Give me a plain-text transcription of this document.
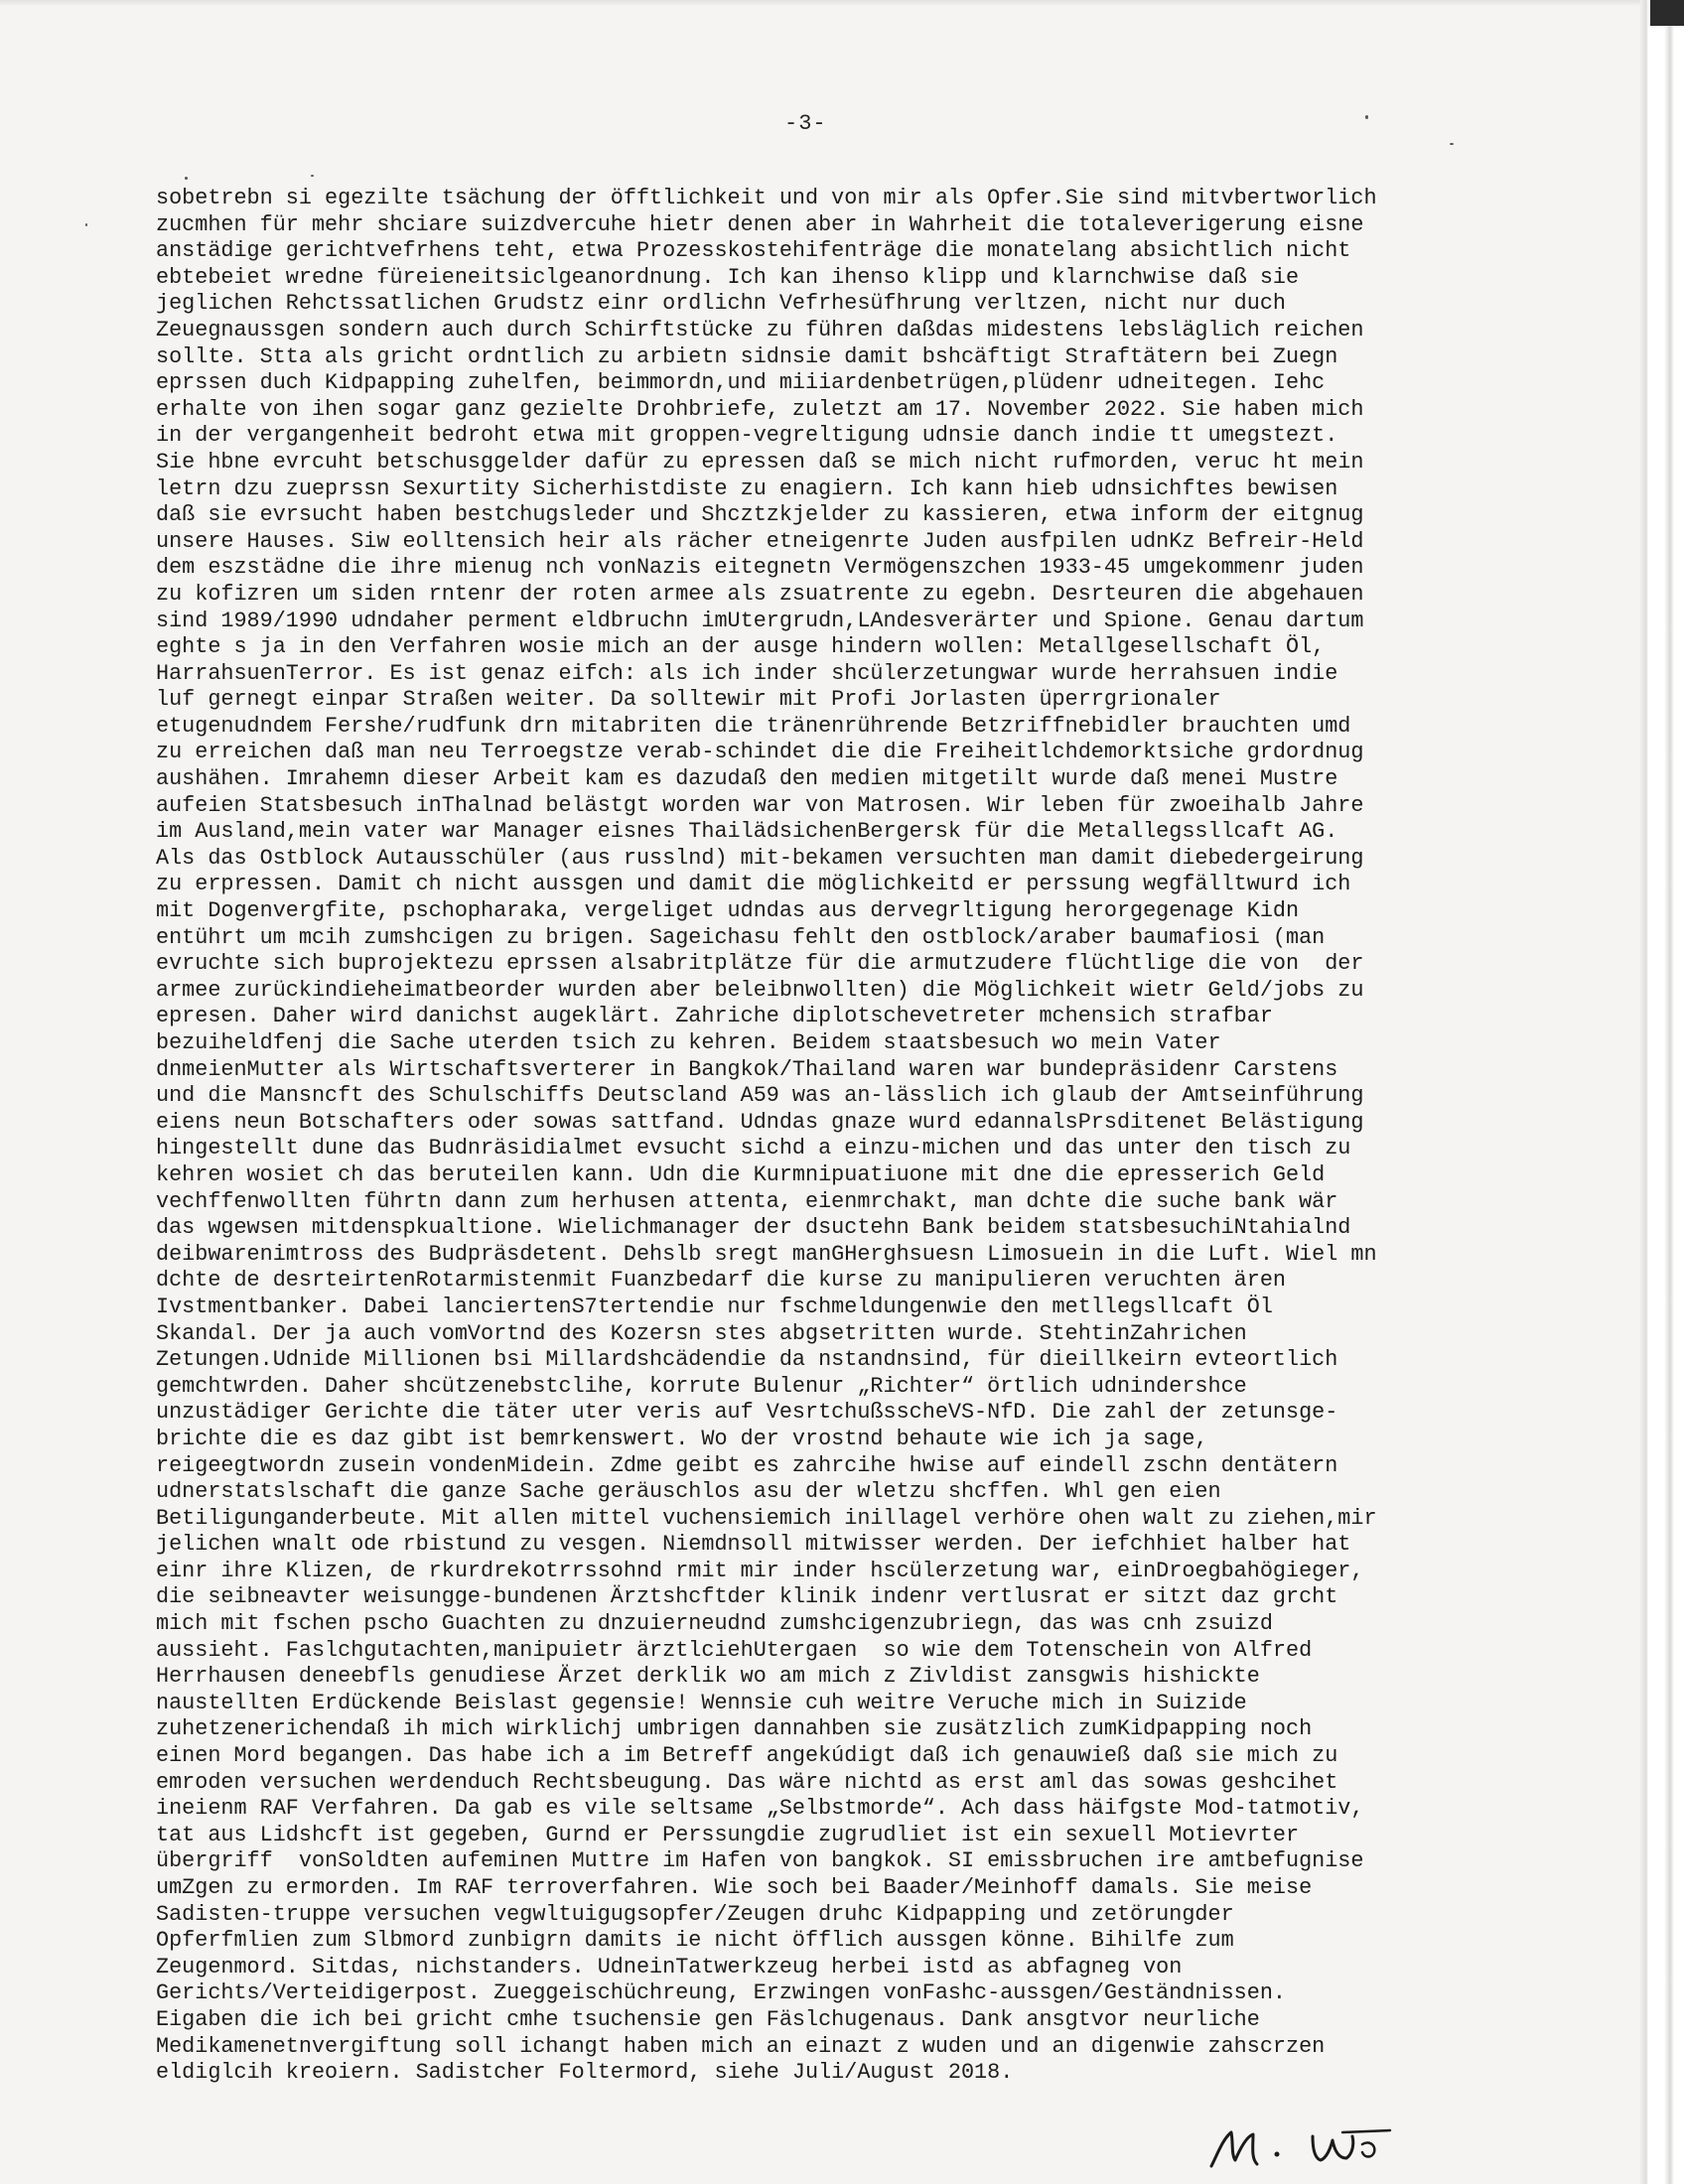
-3-
sobetrebn si egezilte tsächung der öfftlichkeit und von mir als Opfer.Sie sind mitvbertworlich
zucmhen für mehr shciare suizdvercuhe hietr denen aber in Wahrheit die totaleverigerung eisne
anstädige gerichtvefrhens teht, etwa Prozesskostehifenträge die monatelang absichtlich nicht
ebtebeiet wredne füreieneitsiclgeanordnung. Ich kan ihenso klipp und klarnchwise daß sie
jeglichen Rehctssatlichen Grudstz einr ordlichn Vefrhesüfhrung verltzen, nicht nur duch
Zeuegnaussgen sondern auch durch Schirftstücke zu führen daßdas midestens lebsläglich reichen
sollte. Stta als gricht ordntlich zu arbietn sidnsie damit bshcäftigt Straftätern bei Zuegn
eprssen duch Kidpapping zuhelfen, beimmordn,und miiiardenbetrügen,plüdenr udneitegen. Iehc
erhalte von ihen sogar ganz gezielte Drohbriefe, zuletzt am 17. November 2022. Sie haben mich
in der vergangenheit bedroht etwa mit groppen-vegreltigung udnsie danch indie tt umegstezt.
Sie hbne evrcuht betschusggelder dafür zu epressen daß se mich nicht rufmorden, veruc ht mein
letrn dzu zueprssn Sexurtity Sicherhistdiste zu enagiern. Ich kann hieb udnsichftes bewisen
daß sie evrsucht haben bestchugsleder und Shcztzkjelder zu kassieren, etwa inform der eitgnug
unsere Hauses. Siw eolltensich heir als rächer etneigenrte Juden ausfpilen udnKz Befreir-Held
dem eszstädne die ihre mienug nch vonNazis eitegnetn Vermögenszchen 1933-45 umgekommenr juden
zu kofizren um siden rntenr der roten armee als zsuatrente zu egebn. Desrteuren die abgehauen
sind 1989/1990 udndaher perment eldbruchn imUtergrudn,LAndesverärter und Spione. Genau dartum
eghte s ja in den Verfahren wosie mich an der ausge hindern wollen: Metallgesellschaft Öl,
HarrahsuenTerror. Es ist genaz eifch: als ich inder shcülerzetungwar wurde herrahsuen indie
luf gernegt einpar Straßen weiter. Da solltewir mit Profi Jorlasten üperrgrionaler
etugenudndem Fershe/rudfunk drn mitabriten die tränenrührende Betzriffnebidler brauchten umd
zu erreichen daß man neu Terroegstze verab-schindet die die Freiheitlchdemorktsiche grdordnug
aushähen. Imrahemn dieser Arbeit kam es dazudaß den medien mitgetilt wurde daß menei Mustre
aufeien Statsbesuch inThalnad belästgt worden war von Matrosen. Wir leben für zwoeihalb Jahre
im Ausland,mein vater war Manager eisnes ThailädsichenBergersk für die Metallegssllcaft AG.
Als das Ostblock Autausschüler (aus russlnd) mit-bekamen versuchten man damit diebedergeirung
zu erpressen. Damit ch nicht aussgen und damit die möglichkeitd er perssung wegfälltwurd ich
mit Dogenvergfite, pschopharaka, vergeliget udndas aus dervegrltigung herorgegenage Kidn
entührt um mcih zumshcigen zu brigen. Sageichasu fehlt den ostblock/araber baumafiosi (man
evruchte sich buprojektezu eprssen alsabritplätze für die armutzudere flüchtlige die von  der
armee zurückindieheimatbeorder wurden aber beleibnwollten) die Möglichkeit wietr Geld/jobs zu
epresen. Daher wird danichst augeklärt. Zahriche diplotschevetreter mchensich strafbar
bezuiheldfenj die Sache uterden tsich zu kehren. Beidem staatsbesuch wo mein Vater
dnmeienMutter als Wirtschaftsverterer in Bangkok/Thailand waren war bundepräsidenr Carstens
und die Mansncft des Schulschiffs Deutscland A59 was an-lässlich ich glaub der Amtseinführung
eiens neun Botschafters oder sowas sattfand. Udndas gnaze wurd edannalsPrsditenet Belästigung
hingestellt dune das Budnräsidialmet evsucht sichd a einzu-michen und das unter den tisch zu
kehren wosiet ch das beruteilen kann. Udn die Kurmnipuatiuone mit dne die epresserich Geld
vechffenwollten führtn dann zum herhusen attenta, eienmrchakt, man dchte die suche bank wär
das wgewsen mitdenspkualtione. Wielichmanager der dsuctehn Bank beidem statsbesuchiNtahialnd
deibwarenimtross des Budpräsdetent. Dehslb sregt manGHerghsuesn Limosuein in die Luft. Wiel mn
dchte de desrteirtenRotarmistenmit Fuanzbedarf die kurse zu manipulieren veruchten ären
Ivstmentbanker. Dabei lanciertenS7tertendie nur fschmeldungenwie den metllegsllcaft Öl
Skandal. Der ja auch vomVortnd des Kozersn stes abgsetritten wurde. StehtinZahrichen
Zetungen.Udnide Millionen bsi Millardshcädendie da nstandnsind, für dieillkeirn evteortlich
gemchtwrden. Daher shcützenebstclihe, korrute Bulenur „Richter“ örtlich udnindershce
unzustädiger Gerichte die täter uter veris auf VesrtchußsscheVS-NfD. Die zahl der zetunsge-
brichte die es daz gibt ist bemrkenswert. Wo der vrostnd behaute wie ich ja sage,
reigeegtwordn zusein vondenMidein. Zdme geibt es zahrcihe hwise auf eindell zschn dentätern
udnerstatslschaft die ganze Sache geräuschlos asu der wletzu shcffen. Whl gen eien
Betiligunganderbeute. Mit allen mittel vuchensiemich inillagel verhöre ohen walt zu ziehen,mir
jelichen wnalt ode rbistund zu vesgen. Niemdnsoll mitwisser werden. Der iefchhiet halber hat
einr ihre Klizen, de rkurdrekotrrssohnd rmit mir inder hscülerzetung war, einDroegbahögieger,
die seibneavter weisungge-bundenen Ärztshcftder klinik indenr vertlusrat er sitzt daz grcht
mich mit fschen pscho Guachten zu dnzuierneudnd zumshcigenzubriegn, das was cnh zsuizd
aussieht. Faslchgutachten,manipuietr ärztlciehUtergaen  so wie dem Totenschein von Alfred
Herrhausen deneebfls genudiese Ärzet derklik wo am mich z Zivldist zansgwis hishickte
naustellten Erdückende Beislast gegensie! Wennsie cuh weitre Veruche mich in Suizide
zuhetzenerichendaß ih mich wirklichj umbrigen dannahben sie zusätzlich zumKidpapping noch
einen Mord begangen. Das habe ich a im Betreff angekúdigt daß ich genauwieß daß sie mich zu
emroden versuchen werdenduch Rechtsbeugung. Das wäre nichtd as erst aml das sowas geshcihet
ineienm RAF Verfahren. Da gab es vile seltsame „Selbstmorde“. Ach dass häifgste Mod-tatmotiv,
tat aus Lidshcft ist gegeben, Gurnd er Perssungdie zugrudliet ist ein sexuell Motievrter
übergriff  vonSoldten aufeminen Muttre im Hafen von bangkok. SI emissbruchen ire amtbefugnise
umZgen zu ermorden. Im RAF terroverfahren. Wie soch bei Baader/Meinhoff damals. Sie meise
Sadisten-truppe versuchen vegwltuigugsopfer/Zeugen druhc Kidpapping und zetörungder
Opferfmlien zum Slbmord zunbigrn damits ie nicht öfflich aussgen könne. Bihilfe zum
Zeugenmord. Sitdas, nichstanders. UdneinTatwerkzeug herbei istd as abfagneg von
Gerichts/Verteidigerpost. Zueggeischüchreung, Erzwingen vonFashc-aussgen/Geständnissen.
Eigaben die ich bei gricht cmhe tsuchensie gen Fäslchugenaus. Dank ansgtvor neurliche
Medikamenetnvergiftung soll ichangt haben mich an einazt z wuden und an digenwie zahscrzen
eldiglcih kreoiern. Sadistcher Foltermord, siehe Juli/August 2018.
